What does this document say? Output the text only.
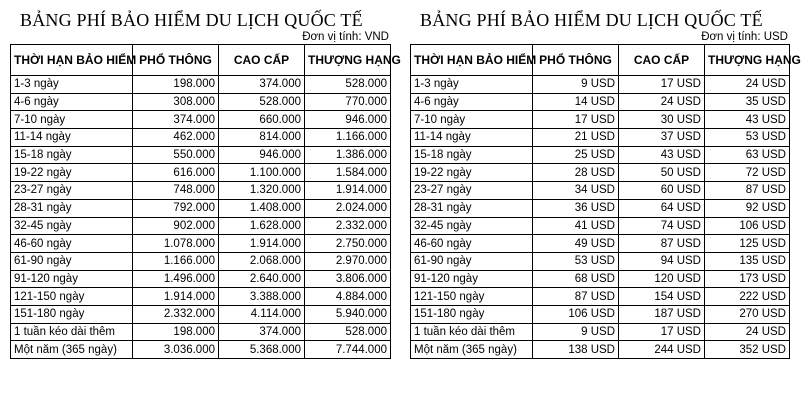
BẢNG PHÍ BẢO HIỂM DU LỊCH QUỐC TẾ
Đơn vị tính: VND
THỜI HẠN BẢO HIỂM	PHỔ THÔNG	CAO CẤP	THƯỢNG HẠNG
1-3 ngày	198.000	374.000	528.000
4-6 ngày	308.000	528.000	770.000
7-10 ngày	374.000	660.000	946.000
11-14 ngày	462.000	814.000	1.166.000
15-18 ngày	550.000	946.000	1.386.000
19-22 ngày	616.000	1.100.000	1.584.000
23-27 ngày	748.000	1.320.000	1.914.000
28-31 ngày	792.000	1.408.000	2.024.000
32-45 ngày	902.000	1.628.000	2.332.000
46-60 ngày	1.078.000	1.914.000	2.750.000
61-90 ngày	1.166.000	2.068.000	2.970.000
91-120 ngày	1.496.000	2.640.000	3.806.000
121-150 ngày	1.914.000	3.388.000	4.884.000
151-180 ngày	2.332.000	4.114.000	5.940.000
1 tuần kéo dài thêm	198.000	374.000	528.000
Một năm (365 ngày)	3.036.000	5.368.000	7.744.000
BẢNG PHÍ BẢO HIỂM DU LỊCH QUỐC TẾ
Đơn vị tính: USD
THỜI HẠN BẢO HIỂM	PHỔ THÔNG	CAO CẤP	THƯỢNG HẠNG
1-3 ngày	9 USD	17 USD	24 USD
4-6 ngày	14 USD	24 USD	35 USD
7-10 ngày	17 USD	30 USD	43 USD
11-14 ngày	21 USD	37 USD	53 USD
15-18 ngày	25 USD	43 USD	63 USD
19-22 ngày	28 USD	50 USD	72 USD
23-27 ngày	34 USD	60 USD	87 USD
28-31 ngày	36 USD	64 USD	92 USD
32-45 ngày	41 USD	74 USD	106 USD
46-60 ngày	49 USD	87 USD	125 USD
61-90 ngày	53 USD	94 USD	135 USD
91-120 ngày	68 USD	120 USD	173 USD
121-150 ngày	87 USD	154 USD	222 USD
151-180 ngày	106 USD	187 USD	270 USD
1 tuần kéo dài thêm	9 USD	17 USD	24 USD
Một năm (365 ngày)	138 USD	244 USD	352 USD
